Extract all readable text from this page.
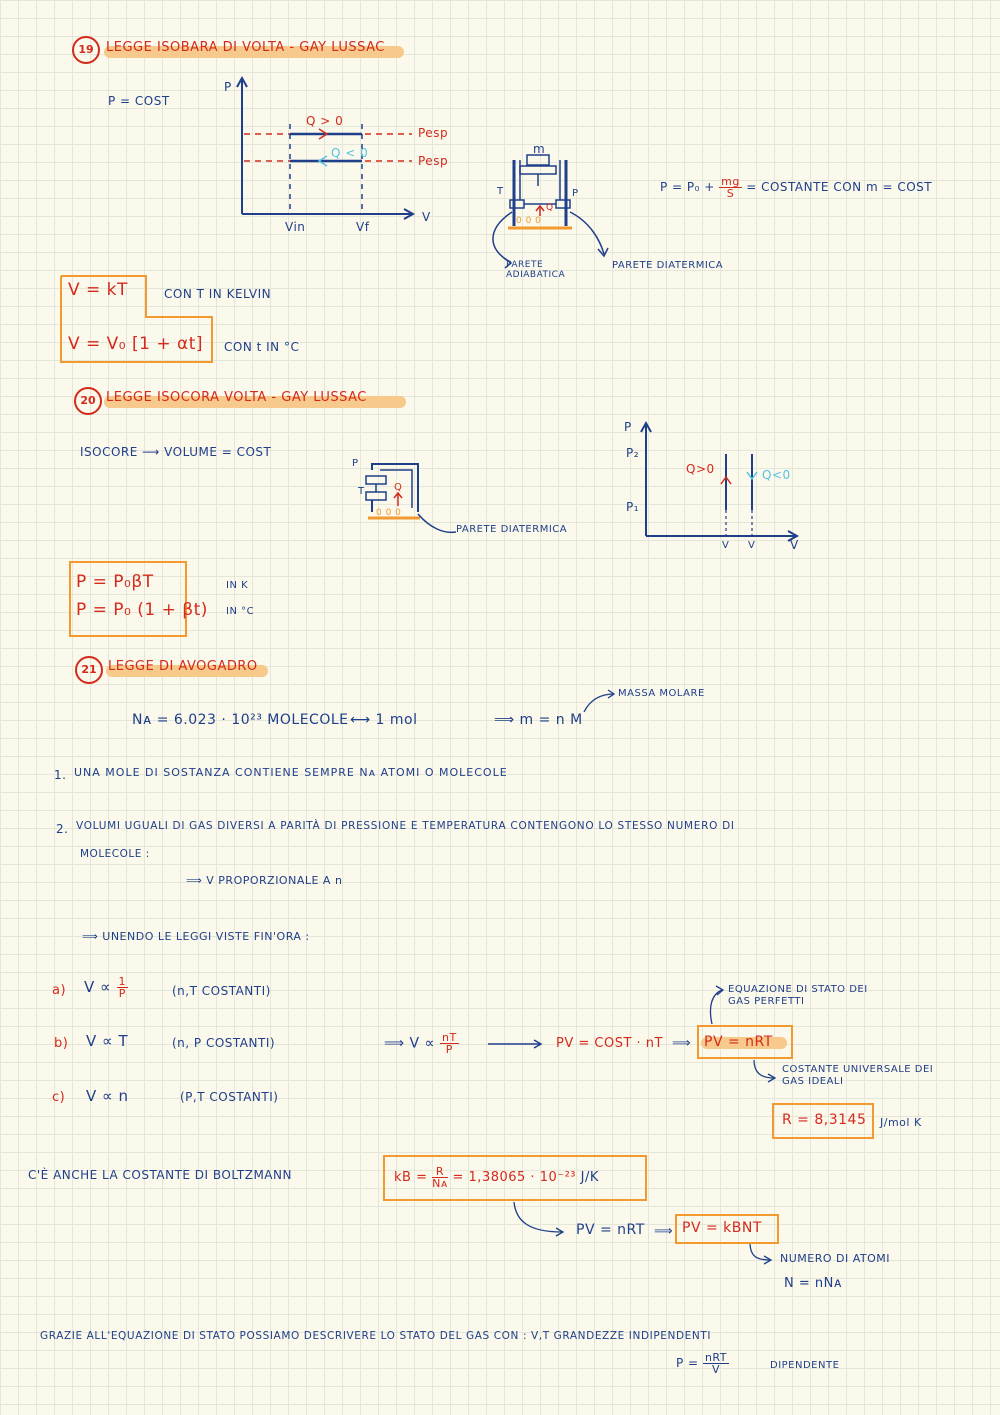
19 LEGGE ISOBARA DI VOLTA - GAY LUSSAC
P = COST
P
V
Q > 0
Q < 0
Pesp
Pesp
Vin	Vf
m
T	P
Q
0 0 0
PARETE ADIABATICA
PARETE DIATERMICA
$P = P_0 + \frac{mg}{S}$ = COSTANTE CON m = COST
V = kT	CON T IN KELVIN
V = V₀ [1 + αt] CON t IN °C
20 LEGGE ISOCORA VOLTA - GAY LUSSAC
ISOCORE ⟶ VOLUME = COST
P
T	Q
0 0 0
PARETE DIATERMICA
P
V
P₂
P₁
Q>0	Q<0
V V
P = P₀βT	IN K
P = P₀ (1 + βt) IN °C
21 LEGGE DI AVOGADRO
Nᴀ = 6.023 · 10²³ MOLECOLE ⟷ 1 mol	⟹ m = n M
MASSA MOLARE
1. UNA MOLE DI SOSTANZA CONTIENE SEMPRE Nᴀ ATOMI O MOLECOLE
2. VOLUMI UGUALI DI GAS DIVERSI A PARITÀ DI PRESSIONE E TEMPERATURA CONTENGONO LO STESSO NUMERO DI
MOLECOLE :
⟹ V PROPORZIONALE A n
⟹ UNENDO LE LEGGI VISTE FIN'ORA :
a) $V \propto \frac{1}{P}$	(n,T COSTANTI)
b) V ∝ T	(n, P COSTANTI)
c) V ∝ n	(P,T COSTANTI)
⟹ $V \propto \frac{nT}{P}$	PV = COST · nT ⟹ PV = nRT
EQUAZIONE DI STATO DEI
GAS PERFETTI
COSTANTE UNIVERSALE DEI
GAS IDEALI
R = 8,3145 J/mol K
C'È ANCHE LA COSTANTE DI BOLTZMANN	kB = $\frac{R}{\text{Nᴀ}} = 1,38065 \cdot 10^{-23}$ J/K
PV = nRT ⟹ PV = kBNT
NUMERO DI ATOMI
N = nNᴀ
GRAZIE ALL'EQUAZIONE DI STATO POSSIAMO DESCRIVERE LO STATO DEL GAS CON : V,T GRANDEZZE INDIPENDENTI
$P = \frac{\text{nRT}}{V}$	DIPENDENTE
